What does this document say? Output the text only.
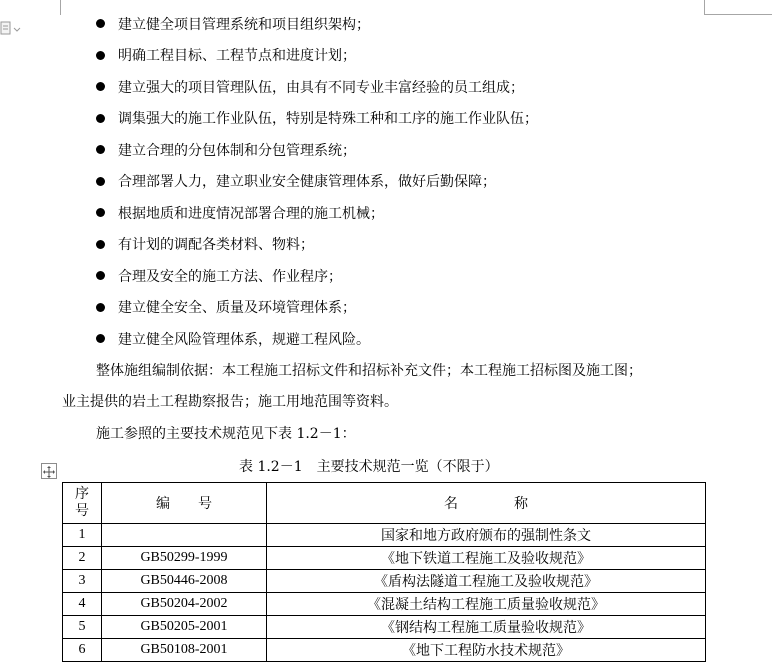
建立健全项目管理系统和项目组织架构；
明确工程目标、工程节点和进度计划；
建立强大的项目管理队伍，由具有不同专业丰富经验的员工组成；
调集强大的施工作业队伍，特别是特殊工种和工序的施工作业队伍；
建立合理的分包体制和分包管理系统；
合理部署人力，建立职业安全健康管理体系，做好后勤保障；
根据地质和进度情况部署合理的施工机械；
有计划的调配各类材料、物料；
合理及安全的施工方法、作业程序；
建立健全安全、质量及环境管理体系；
建立健全风险管理体系，规避工程风险。
整体施组编制依据：本工程施工招标文件和招标补充文件；本工程施工招标图及施工图；
业主提供的岩土工程勘察报告；施工用地范围等资料。
施工参照的主要技术规范见下表 1.2－1：
表 1.2－1　主要技术规范一览（不限于）
序
号	编　　号	名　　　　称
1		国家和地方政府颁布的强制性条文
2	GB50299-1999	《地下铁道工程施工及验收规范》
3	GB50446-2008	《盾构法隧道工程施工及验收规范》
4	GB50204-2002	《混凝土结构工程施工质量验收规范》
5	GB50205-2001	《钢结构工程施工质量验收规范》
6	GB50108-2001	《地下工程防水技术规范》
